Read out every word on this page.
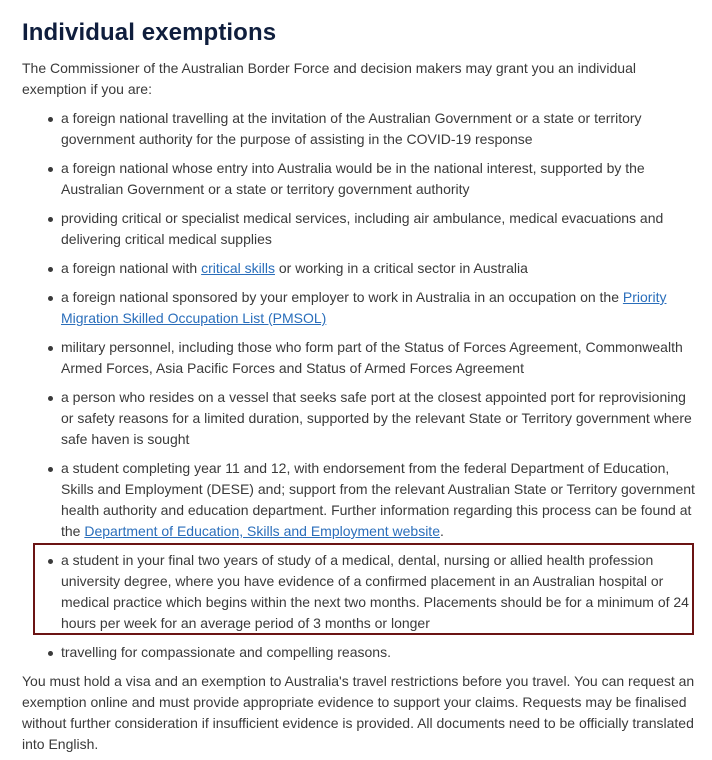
Individual exemptions

The Commissioner of the Australian Border Force and decision makers may grant you an individual exemption if you are:

a foreign national travelling at the invitation of the Australian Government or a state or territory government authority for the purpose of assisting in the COVID-19 response
a foreign national whose entry into Australia would be in the national interest, supported by the Australian Government or a state or territory government authority
providing critical or specialist medical services, including air ambulance, medical evacuations and delivering critical medical supplies
a foreign national with critical skills or working in a critical sector in Australia
a foreign national sponsored by your employer to work in Australia in an occupation on the Priority Migration Skilled Occupation List (PMSOL)
military personnel, including those who form part of the Status of Forces Agreement, Commonwealth Armed Forces, Asia Pacific Forces and Status of Armed Forces Agreement
a person who resides on a vessel that seeks safe port at the closest appointed port for reprovisioning or safety reasons for a limited duration, supported by the relevant State or Territory government where safe haven is sought
a student completing year 11 and 12, with endorsement from the federal Department of Education, Skills and Employment (DESE) and; support from the relevant Australian State or Territory government health authority and education department. Further information regarding this process can be found at the Department of Education, Skills and Employment website.
a student in your final two years of study of a medical, dental, nursing or allied health profession university degree, where you have evidence of a confirmed placement in an Australian hospital or medical practice which begins within the next two months. Placements should be for a minimum of 24 hours per week for an average period of 3 months or longer
travelling for compassionate and compelling reasons.

You must hold a visa and an exemption to Australia's travel restrictions before you travel. You can request an exemption online and must provide appropriate evidence to support your claims. Requests may be finalised without further consideration if insufficient evidence is provided. All documents need to be officially translated into English.
